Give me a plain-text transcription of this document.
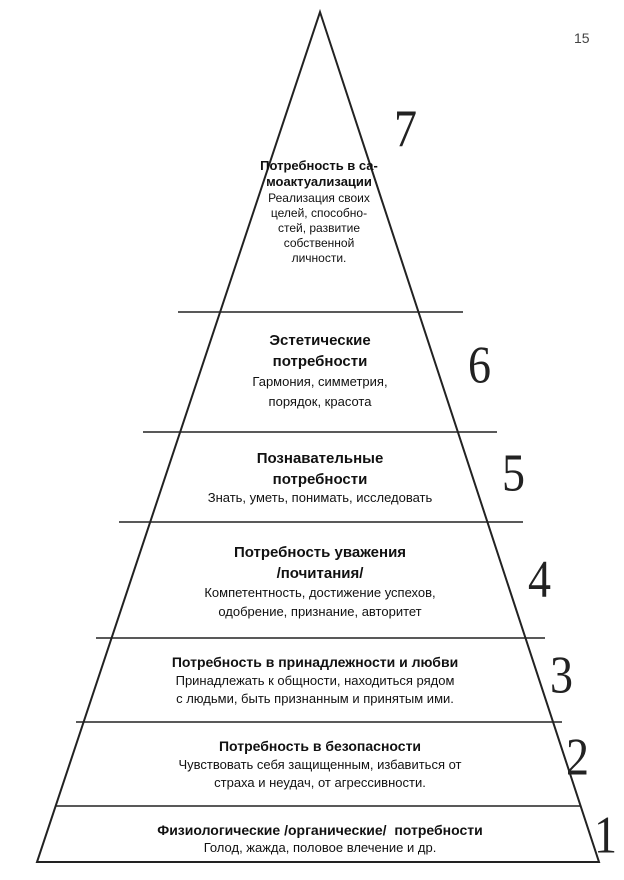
15
Потребность в са-
моактуализации
Реализация своих
целей, способно-
стей, развитие
собственной
личности.
7
Эстетические
потребности
Гармония, симметрия,
порядок, красота
6
Познавательные
потребности
Знать, уметь, понимать, исследовать	5
Потребность уважения
/почитания/
Компетентность, достижение успехов,
одобрение, признание, авторитет
4
Потребность в принадлежности и любви
Принадлежать к общности, находиться рядом
с людьми, быть признанным и принятым ими.	3
Потребность в безопасности
Чувствовать себя защищенным, избавиться от
страха и неудач, от агрессивности.	2
Физиологические /органические/  потребности
Голод, жажда, половое влечение и др.	1
